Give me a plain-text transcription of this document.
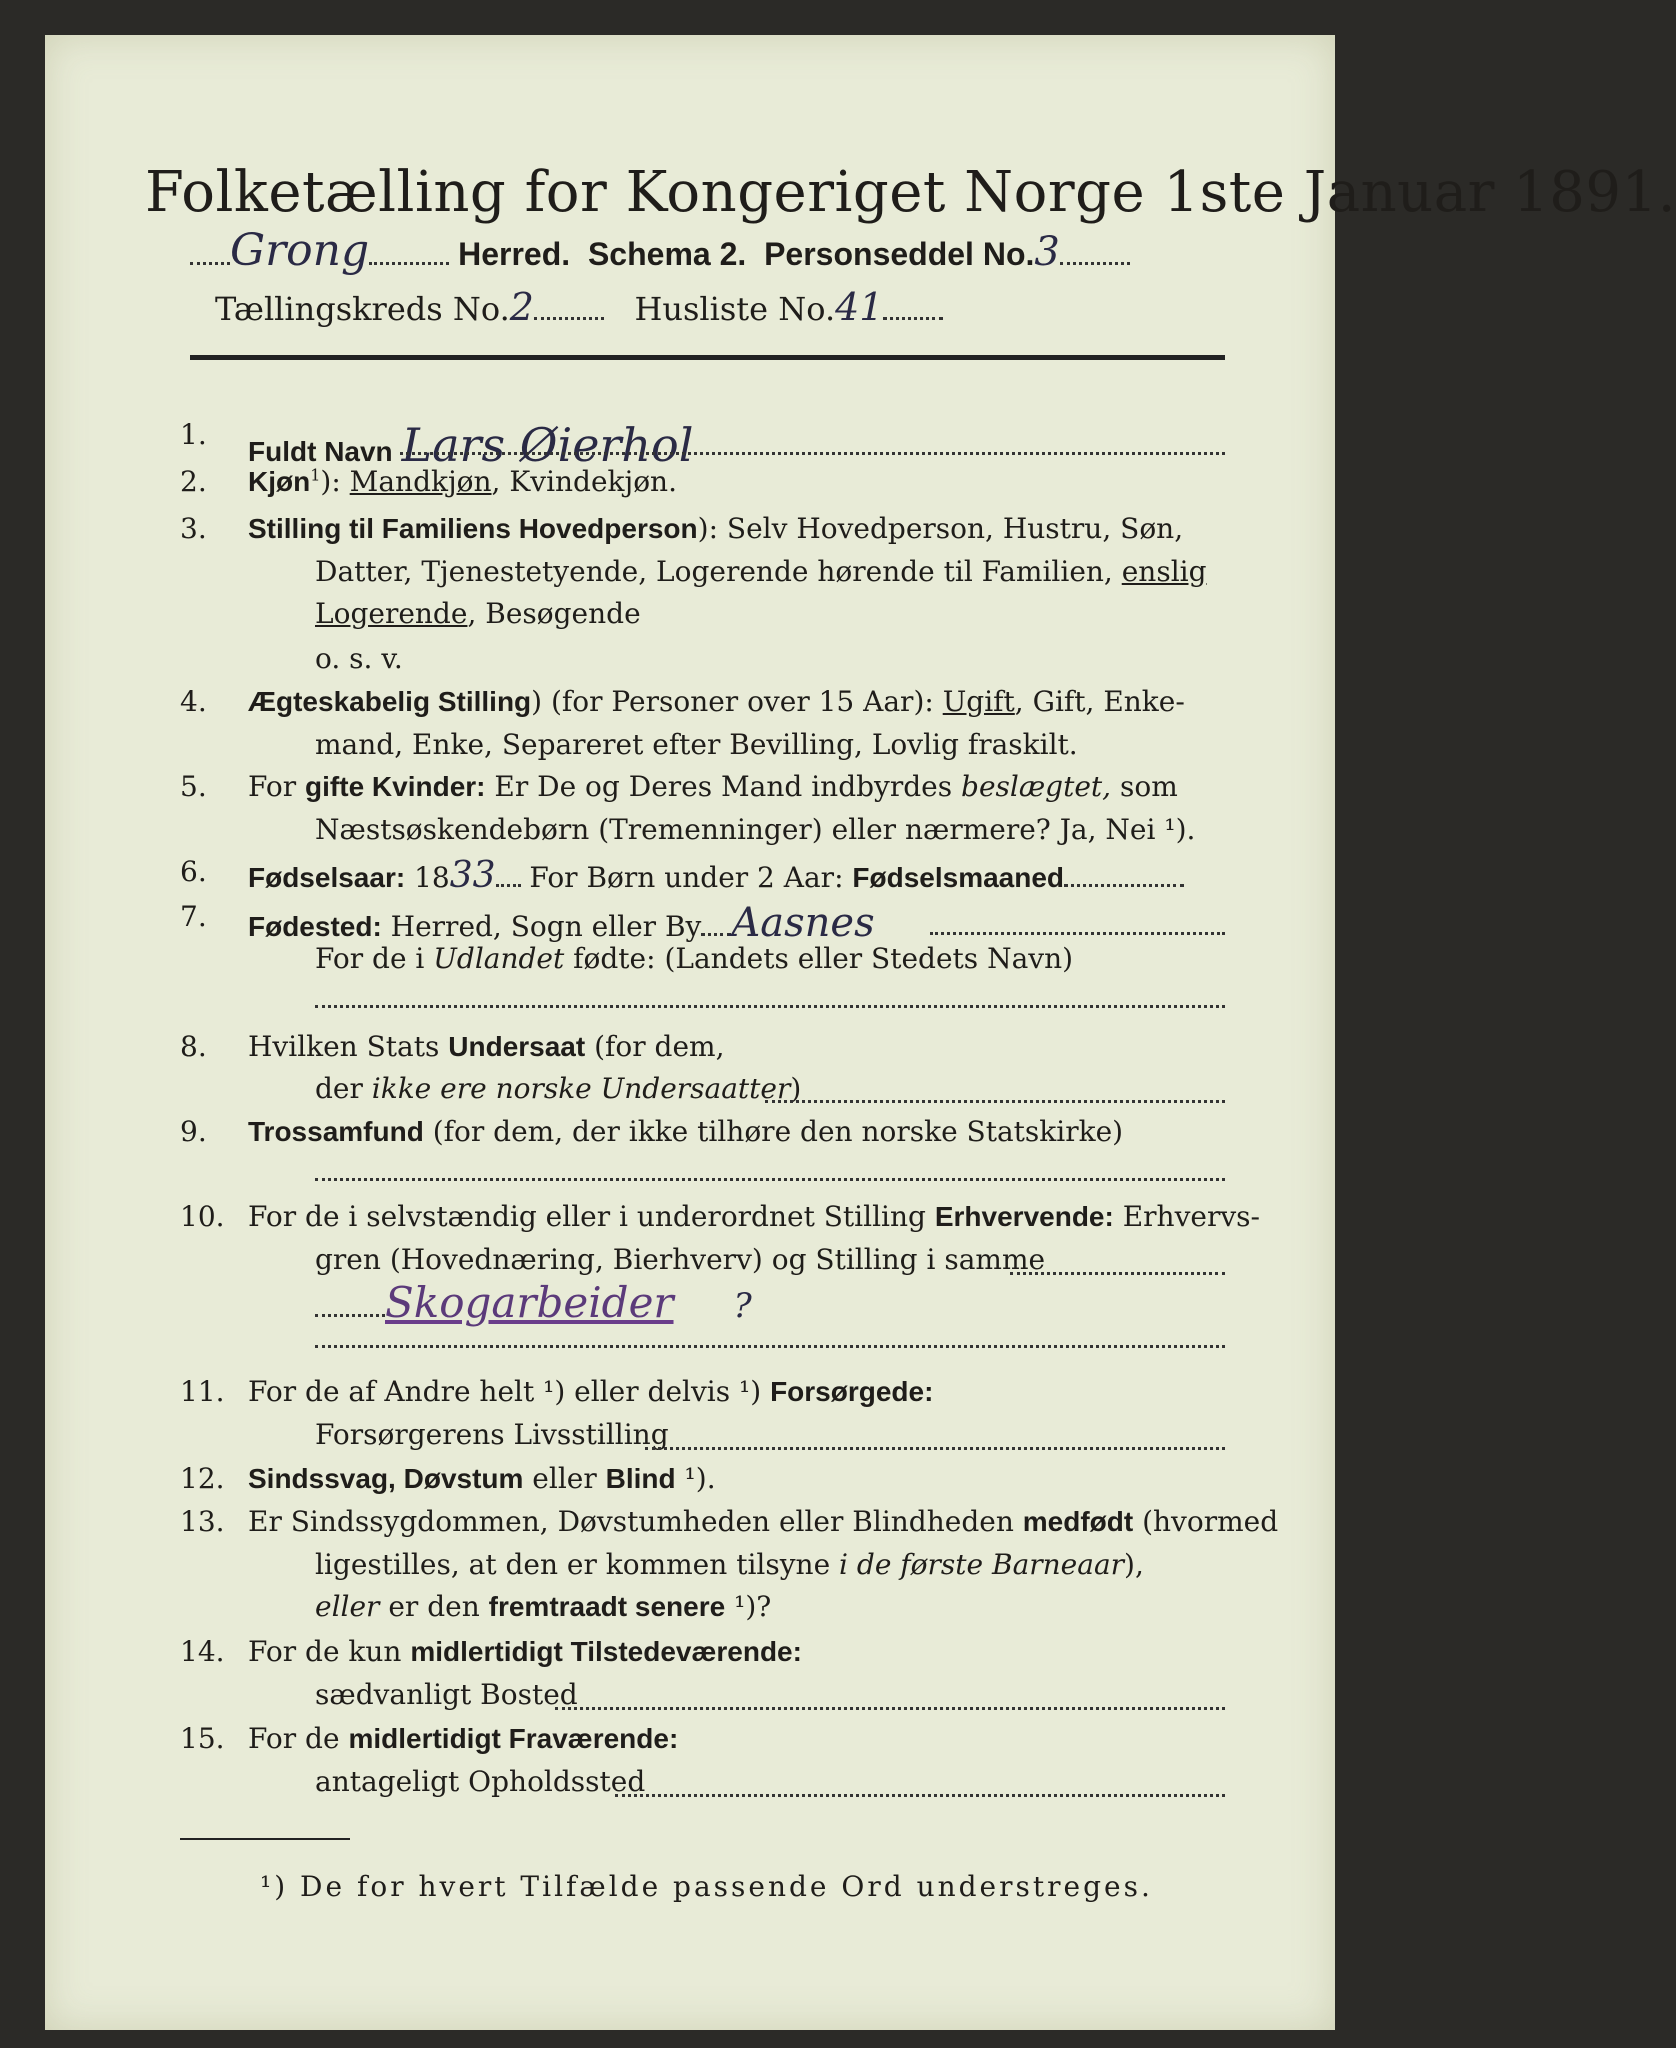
Folketælling for Kongeriget Norge 1ste Januar 1891.
Grong	Herred. Schema 2. Personseddel No.3
Tællingskreds No.2	Husliste No.41
1.
Fuldt Navn Lars Øierhol
2. Kjøn$^1$): Mandkjøn, Kvindekjøn.
3. Stilling til Familiens Hovedperson): Selv Hovedperson, Hustru, Søn,
Datter, Tjenestetyende, Logerende hørende til Familien, enslig
Logerende, Besøgende
o. s. v.
4. Ægteskabelig Stilling) (for Personer over 15 Aar): Ugift, Gift, Enke-
mand, Enke, Separeret efter Bevilling, Lovlig fraskilt.
5. For gifte Kvinder: Er De og Deres Mand indbyrdes beslægtet, som
Næstsøskendebørn (Tremenninger) eller nærmere? Ja, Nei ¹).
6. Fødselsaar: 1833 For Børn under 2 Aar: Fødselsmaaned
7. Fødested: Herred, Sogn eller By Aasnes
For de i Udlandet fødte: (Landets eller Stedets Navn)
8. Hvilken Stats Undersaat (for dem,
der ikke ere norske Undersaatter)
9. Trossamfund (for dem, der ikke tilhøre den norske Statskirke)
10. For de i selvstændig eller i underordnet Stilling Erhvervende: Erhvervs-
gren (Hovednæring, Bierhverv) og Stilling i samme
Skogarbeider ?
11. For de af Andre helt ¹) eller delvis ¹) Forsørgede:
Forsørgerens Livsstilling
12. Sindssvag, Døvstum eller Blind ¹).
13. Er Sindssygdommen, Døvstumheden eller Blindheden medfødt (hvormed
ligestilles, at den er kommen tilsyne i de første Barneaar),
eller er den fremtraadt senere ¹)?
14. For de kun midlertidigt Tilstedeværende:
sædvanligt Bosted
15. For de midlertidigt Fraværende:
antageligt Opholdssted
¹) De for hvert Tilfælde passende Ord understreges.
